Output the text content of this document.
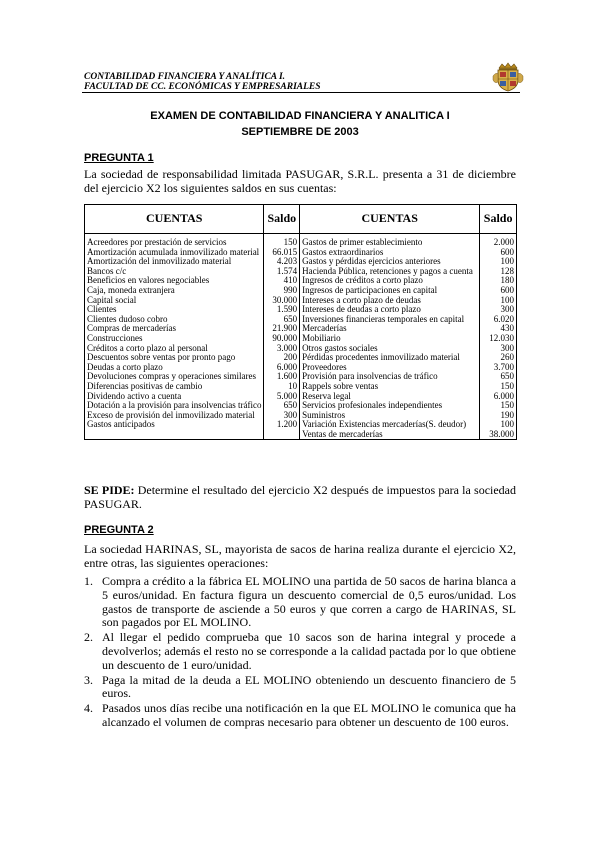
CONTABILIDAD FINANCIERA Y ANALÍTICA I.
FACULTAD DE CC. ECONÓMICAS Y EMPRESARIALES
EXAMEN DE CONTABILIDAD FINANCIERA Y ANALITICA I
SEPTIEMBRE DE 2003
PREGUNTA 1
La sociedad de responsabilidad limitada PASUGAR, S.R.L. presenta a 31 de diciembre del ejercicio X2 los siguientes saldos en sus cuentas:
CUENTAS	Saldo	CUENTAS	Saldo
Acreedores por prestación de servicios	150	Gastos de primer establecimiento	2.000
Amortización acumulada inmovilizado material	66.015	Gastos extraordinarios	600
Amortización del inmovilizado material	4.203	Gastos y pérdidas ejercicios anteriores	100
Bancos c/c	1.574	Hacienda Pública, retenciones y pagos a cuenta	128
Beneficios en valores negociables	410	Ingresos de créditos a corto plazo	180
Caja, moneda extranjera	990	Ingresos de participaciones en capital	600
Capital social	30.000	Intereses a corto plazo de deudas	100
Clientes	1.590	Intereses de deudas a corto plazo	300
Clientes dudoso cobro	650	Inversiones financieras temporales en capital	6.020
Compras de mercaderías	21.900	Mercaderías	430
Construcciones	90.000	Mobiliario	12.030
Créditos a corto plazo al personal	3.000	Otros gastos sociales	300
Descuentos sobre ventas por pronto pago	200	Pérdidas procedentes inmovilizado material	260
Deudas a corto plazo	6.000	Proveedores	3.700
Devoluciones compras y operaciones similares	1.600	Provisión para insolvencias de tráfico	650
Diferencias positivas de cambio	10	Rappels sobre ventas	150
Dividendo activo a cuenta	5.000	Reserva legal	6.000
Dotación a la provisión para insolvencias tráfico	650	Servicios profesionales independientes	150
Exceso de provisión del inmovilizado material	300	Suministros	190
Gastos anticipados	1.200	Variación Existencias mercaderías(S. deudor)	100
		Ventas de mercaderías	38.000
SE PIDE: Determine el resultado del ejercicio X2 después de impuestos para la sociedad PASUGAR.
PREGUNTA 2
La sociedad HARINAS, SL, mayorista de sacos de harina realiza durante el ejercicio X2, entre otras, las siguientes operaciones:
1. Compra a crédito a la fábrica EL MOLINO una partida de 50 sacos de harina blanca a 5 euros/unidad. En factura figura un descuento comercial de 0,5 euros/unidad. Los gastos de transporte de asciende a 50 euros y que corren a cargo de HARINAS, SL son pagados por EL MOLINO.
2. Al llegar el pedido comprueba que 10 sacos son de harina integral y procede a devolverlos; además el resto no se corresponde a la calidad pactada por lo que obtiene un descuento de 1 euro/unidad.
3. Paga la mitad de la deuda a EL MOLINO obteniendo un descuento financiero de 5 euros.
4. Pasados unos días recibe una notificación en la que EL MOLINO le comunica que ha alcanzado el volumen de compras necesario para obtener un descuento de 100 euros.
